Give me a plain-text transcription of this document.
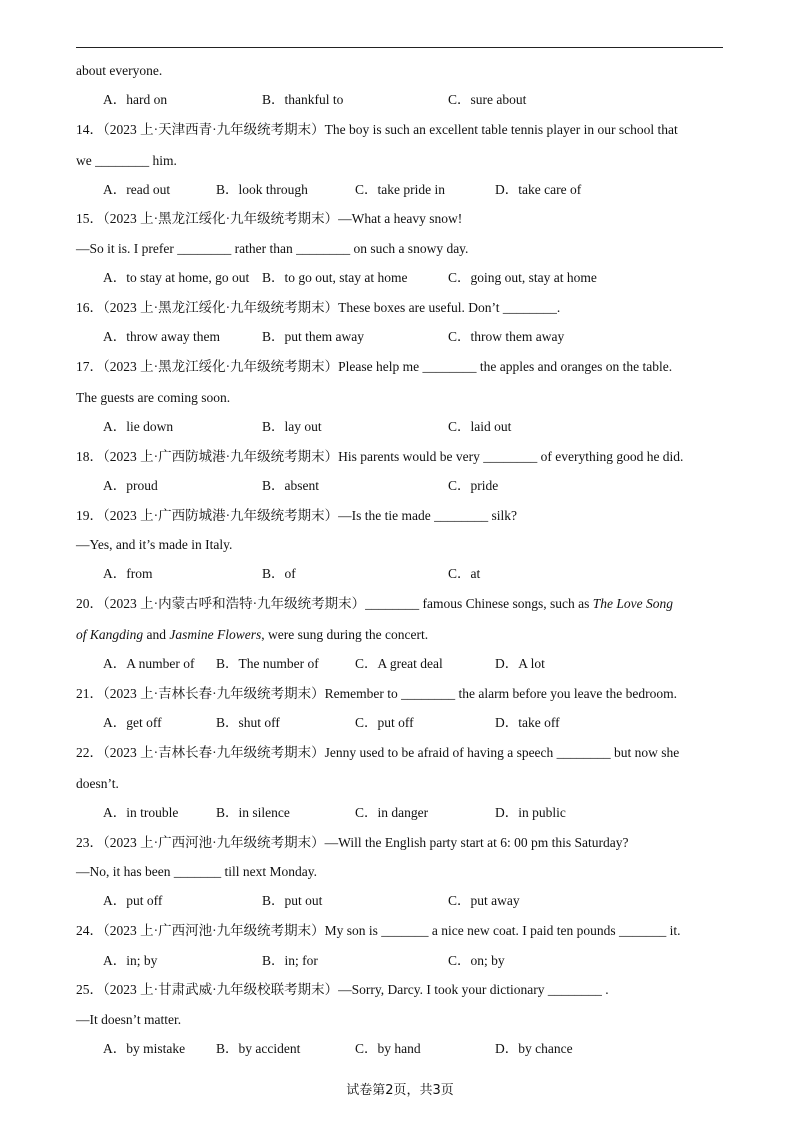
about everyone.
A．hard on	B．thankful to	C．sure about
14．（2023 上·天津西青·九年级统考期末）The boy is such an excellent table tennis player in our school that
we ________ him.
A．read out	B．look through	C．take pride in	D．take care of
15．（2023 上·黑龙江绥化·九年级统考期末）—What a heavy snow!
—So it is. I prefer ________ rather than ________ on such a snowy day.
A．to stay at home, go out B．to go out, stay at home	C．going out, stay at home
16．（2023 上·黑龙江绥化·九年级统考期末）These boxes are useful. Don’t ________.
A．throw away them	B．put them away	C．throw them away
17．（2023 上·黑龙江绥化·九年级统考期末）Please help me ________ the apples and oranges on the table.
The guests are coming soon.
A．lie down	B．lay out	C．laid out
18．（2023 上·广西防城港·九年级统考期末）His parents would be very ________ of everything good he did.
A．proud	B．absent	C．pride
19．（2023 上·广西防城港·九年级统考期末）—Is the tie made ________ silk?
—Yes, and it’s made in Italy.
A．from	B．of	C．at
20．（2023 上·内蒙古呼和浩特·九年级统考期末）________ famous Chinese songs, such as The Love Song
of Kangding and Jasmine Flowers, were sung during the concert.
A．A number of B．The number of	C．A great deal	D．A lot
21．（2023 上·吉林长春·九年级统考期末）Remember to ________ the alarm before you leave the bedroom.
A．get off	B．shut off	C．put off	D．take off
22．（2023 上·吉林长春·九年级统考期末）Jenny used to be afraid of having a speech ________ but now she
doesn’t.
A．in trouble	B．in silence	C．in danger	D．in public
23．（2023 上·广西河池·九年级统考期末）—Will the English party start at 6: 00 pm this Saturday?
—No, it has been _______ till next Monday.
A．put off	B．put out	C．put away
24．（2023 上·广西河池·九年级统考期末）My son is _______ a nice new coat. I paid ten pounds _______ it.
A．in; by	B．in; for	C．on; by
25．（2023 上·甘肃武威·九年级校联考期末）—Sorry, Darcy. I took your dictionary ________ .
—It doesn’t matter.
A．by mistake B．by accident	C．by hand	D．by chance
试卷第2页，共3页
